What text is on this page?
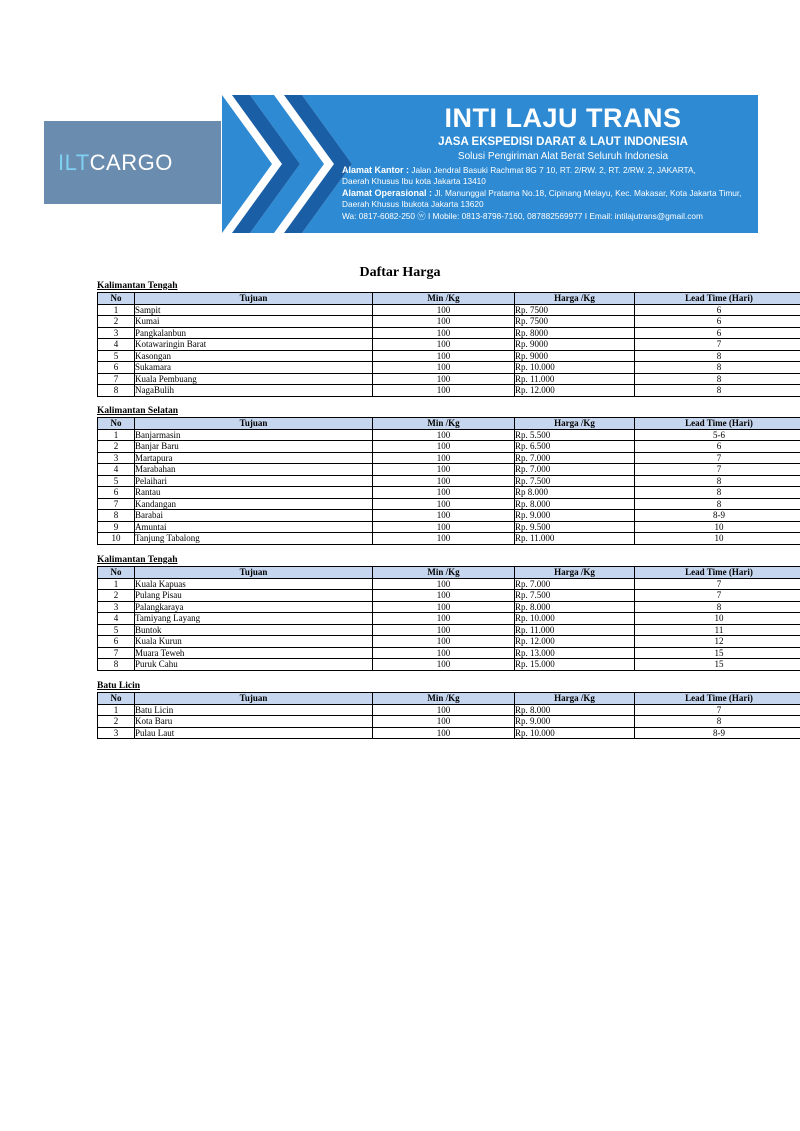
ILTCARGO
INTI LAJU TRANS
JASA EKSPEDISI DARAT & LAUT INDONESIA
Solusi Pengiriman Alat Berat Seluruh Indonesia
Alamat Kantor : Jalan Jendral Basuki Rachmat 8G 7 10, RT. 2/RW. 2, RT. 2/RW. 2, JAKARTA,
Daerah Khusus Ibu kota Jakarta 13410
Alamat Operasional : Jl. Manunggal Pratama No.18, Cipinang Melayu, Kec. Makasar, Kota Jakarta Timur,
Daerah Khusus Ibukota Jakarta 13620
Wa: 0817-6082-250 ⓦ I Mobile: 0813-8798-7160, 087882569977 I Email: intilajutrans@gmail.com
Daftar Harga
Kalimantan Tengah
No	Tujuan	Min /Kg	Harga /Kg	Lead Time (Hari)
1	Sampit	100	Rp. 7500	6
2	Kumai	100	Rp. 7500	6
3	Pangkalanbun	100	Rp. 8000	6
4	Kotawaringin Barat	100	Rp. 9000	7
5	Kasongan	100	Rp. 9000	8
6	Sukamara	100	Rp. 10.000	8
7	Kuala Pembuang	100	Rp. 11.000	8
8	NagaBulih	100	Rp. 12.000	8
Kalimantan Selatan
No	Tujuan	Min /Kg	Harga /Kg	Lead Time (Hari)
1	Banjarmasin	100	Rp. 5.500	5-6
2	Banjar Baru	100	Rp. 6.500	6
3	Martapura	100	Rp. 7.000	7
4	Marabahan	100	Rp. 7.000	7
5	Pelaihari	100	Rp. 7.500	8
6	Rantau	100	Rp 8.000	8
7	Kandangan	100	Rp. 8.000	8
8	Barabai	100	Rp. 9.000	8-9
9	Amuntai	100	Rp. 9.500	10
10	Tanjung Tabalong	100	Rp. 11.000	10
Kalimantan Tengah
No	Tujuan	Min /Kg	Harga /Kg	Lead Time (Hari)
1	Kuala Kapuas	100	Rp. 7.000	7
2	Pulang Pisau	100	Rp. 7.500	7
3	Palangkaraya	100	Rp. 8.000	8
4	Tamiyang Layang	100	Rp. 10.000	10
5	Buntok	100	Rp. 11.000	11
6	Kuala Kurun	100	Rp. 12.000	12
7	Muara Teweh	100	Rp. 13.000	15
8	Puruk Cahu	100	Rp. 15.000	15
Batu Licin
No	Tujuan	Min /Kg	Harga /Kg	Lead Time (Hari)
1	Batu Licin	100	Rp. 8.000	7
2	Kota Baru	100	Rp. 9.000	8
3	Pulau Laut	100	Rp. 10.000	8-9
